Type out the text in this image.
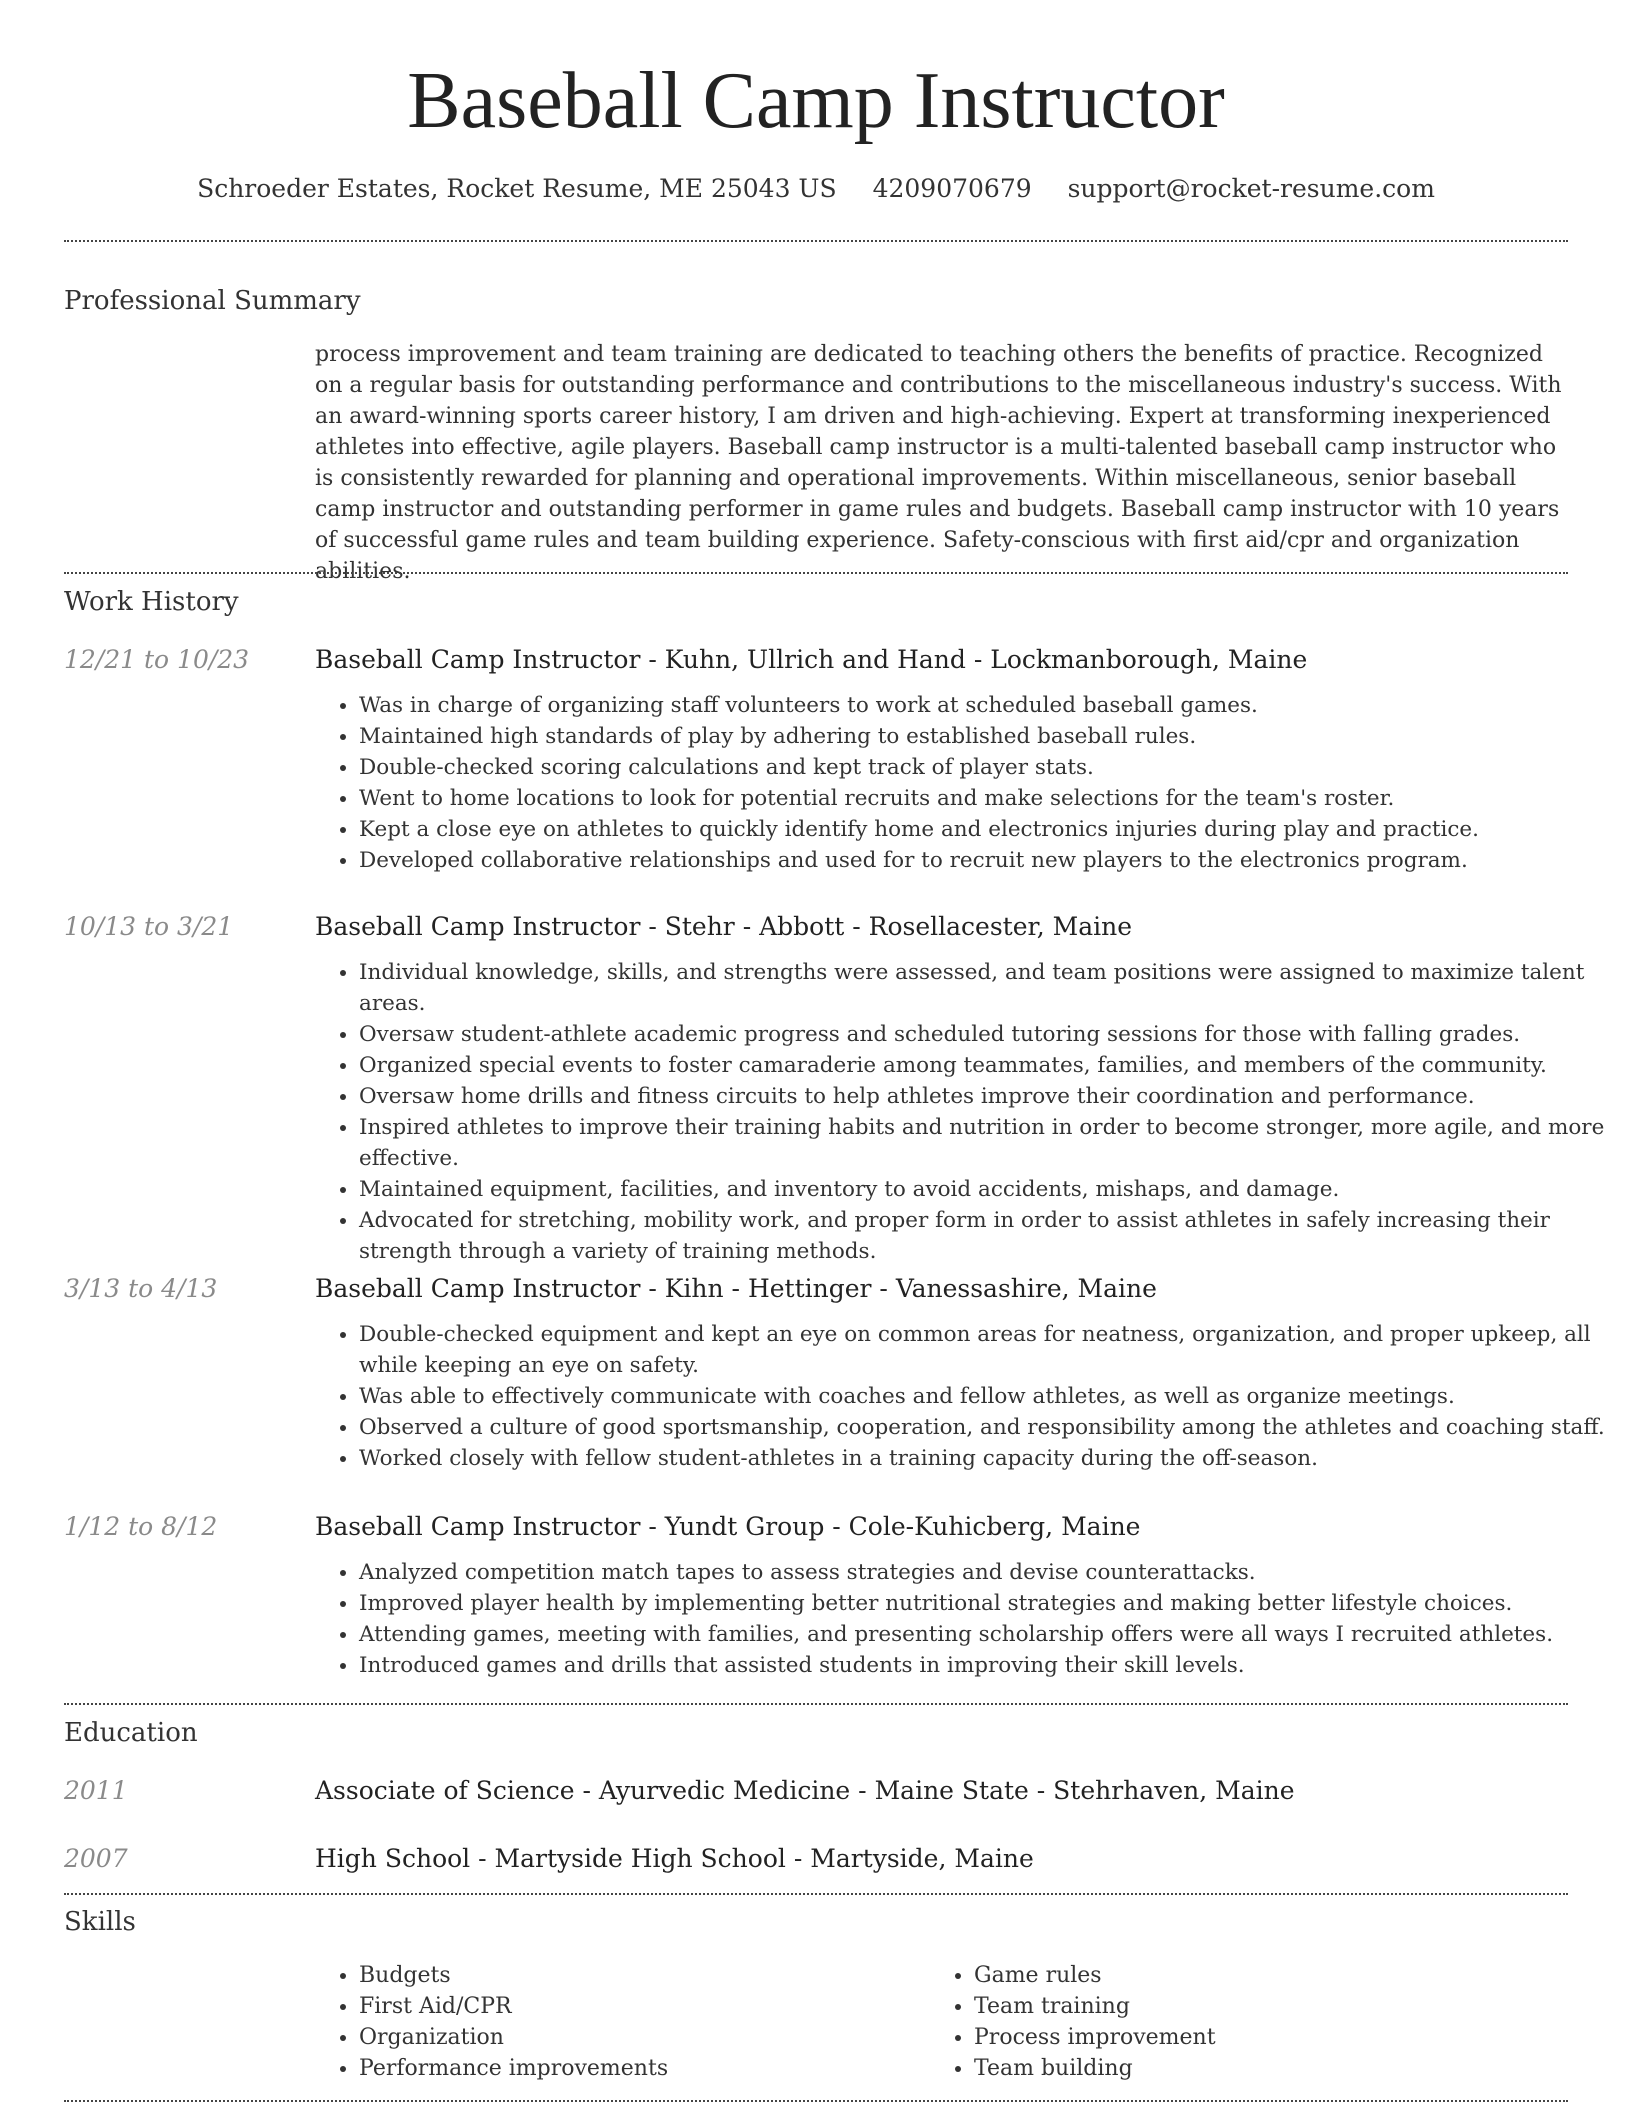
Baseball Camp Instructor
Schroeder Estates, Rocket Resume, ME 25043 US 4209070679 support@rocket-resume.com
Professional Summary

process improvement and team training are dedicated to teaching others the benefits of practice. Recognized on a regular basis for outstanding performance and contributions to the miscellaneous industry's success. With an award-winning sports career history, I am driven and high-achieving. Expert at transforming inexperienced athletes into effective, agile players. Baseball camp instructor is a multi-talented baseball camp instructor who is consistently rewarded for planning and operational improvements. Within miscellaneous, senior baseball camp instructor and outstanding performer in game rules and budgets. Baseball camp instructor with 10 years of successful game rules and team building experience. Safety-conscious with first aid/cpr and organization abilities.

Work History
12/21 to 10/23	Baseball Camp Instructor - Kuhn, Ullrich and Hand - Lockmanborough, Maine
• Was in charge of organizing staff volunteers to work at scheduled baseball games.
• Maintained high standards of play by adhering to established baseball rules.
• Double-checked scoring calculations and kept track of player stats.
• Went to home locations to look for potential recruits and make selections for the team's roster.
• Kept a close eye on athletes to quickly identify home and electronics injuries during play and practice.
• Developed collaborative relationships and used for to recruit new players to the electronics program.
10/13 to 3/21	Baseball Camp Instructor - Stehr - Abbott - Rosellacester, Maine
• Individual knowledge, skills, and strengths were assessed, and team positions were assigned to maximize talent areas.
• Oversaw student-athlete academic progress and scheduled tutoring sessions for those with falling grades.
• Organized special events to foster camaraderie among teammates, families, and members of the community.
• Oversaw home drills and fitness circuits to help athletes improve their coordination and performance.
• Inspired athletes to improve their training habits and nutrition in order to become stronger, more agile, and more effective.
• Maintained equipment, facilities, and inventory to avoid accidents, mishaps, and damage.
• Advocated for stretching, mobility work, and proper form in order to assist athletes in safely increasing their strength through a variety of training methods.
3/13 to 4/13	Baseball Camp Instructor - Kihn - Hettinger - Vanessashire, Maine
• Double-checked equipment and kept an eye on common areas for neatness, organization, and proper upkeep, all while keeping an eye on safety.
• Was able to effectively communicate with coaches and fellow athletes, as well as organize meetings.
• Observed a culture of good sportsmanship, cooperation, and responsibility among the athletes and coaching staff.
• Worked closely with fellow student-athletes in a training capacity during the off-season.
1/12 to 8/12	Baseball Camp Instructor - Yundt Group - Cole-Kuhicberg, Maine
• Analyzed competition match tapes to assess strategies and devise counterattacks.
• Improved player health by implementing better nutritional strategies and making better lifestyle choices.
• Attending games, meeting with families, and presenting scholarship offers were all ways I recruited athletes.
• Introduced games and drills that assisted students in improving their skill levels.
Education
2011	Associate of Science - Ayurvedic Medicine - Maine State - Stehrhaven, Maine
2007	High School - Martyside High School - Martyside, Maine
Skills
• Budgets
• First Aid/CPR
• Organization
• Performance improvements
• Game rules
• Team training
• Process improvement
• Team building
